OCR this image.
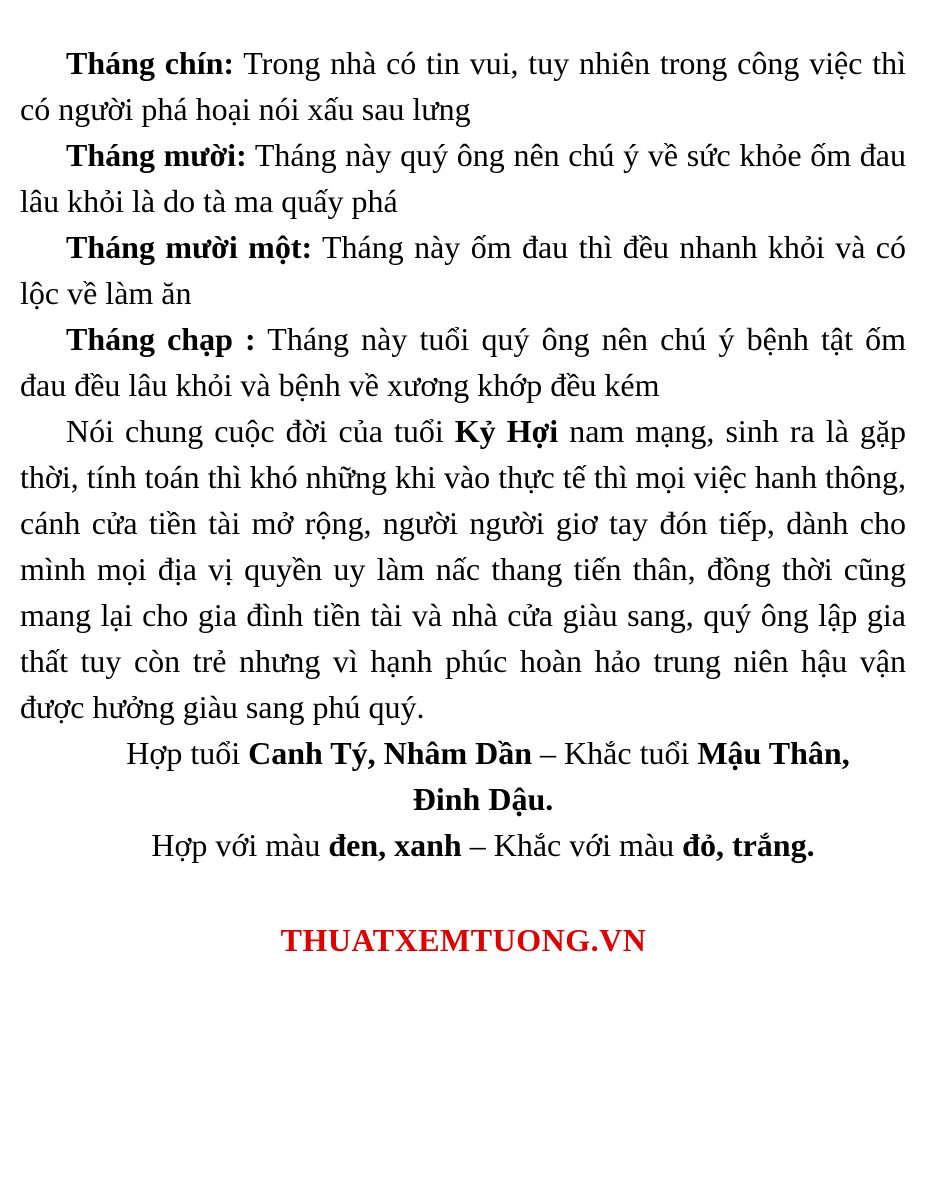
Tháng chín: Trong nhà có tin vui, tuy nhiên trong công việc thì có người phá hoại nói xấu sau lưng

Tháng mười: Tháng này quý ông nên chú ý về sức khỏe ốm đau lâu khỏi là do tà ma quấy phá

Tháng mười một: Tháng này ốm đau thì đều nhanh khỏi và có lộc về làm ăn

Tháng chạp : Tháng này tuổi quý ông nên chú ý bệnh tật ốm đau đều lâu khỏi và bệnh về xương khớp đều kém

Nói chung cuộc đời của tuổi Kỷ Hợi nam mạng, sinh ra là gặp thời, tính toán thì khó những khi vào thực tế thì mọi việc hanh thông, cánh cửa tiền tài mở rộng, người người giơ tay đón tiếp, dành cho mình mọi địa vị quyền uy làm nấc thang tiến thân, đồng thời cũng mang lại cho gia đình tiền tài và nhà cửa giàu sang, quý ông lập gia thất tuy còn trẻ nhưng vì hạnh phúc hoàn hảo trung niên hậu vận được hưởng giàu sang phú quý.

Hợp tuổi Canh Tý, Nhâm Dần – Khắc tuổi Mậu Thân,

Đinh Dậu.

Hợp với màu đen, xanh – Khắc với màu đỏ, trắng.

THUATXEMTUONG.VN
